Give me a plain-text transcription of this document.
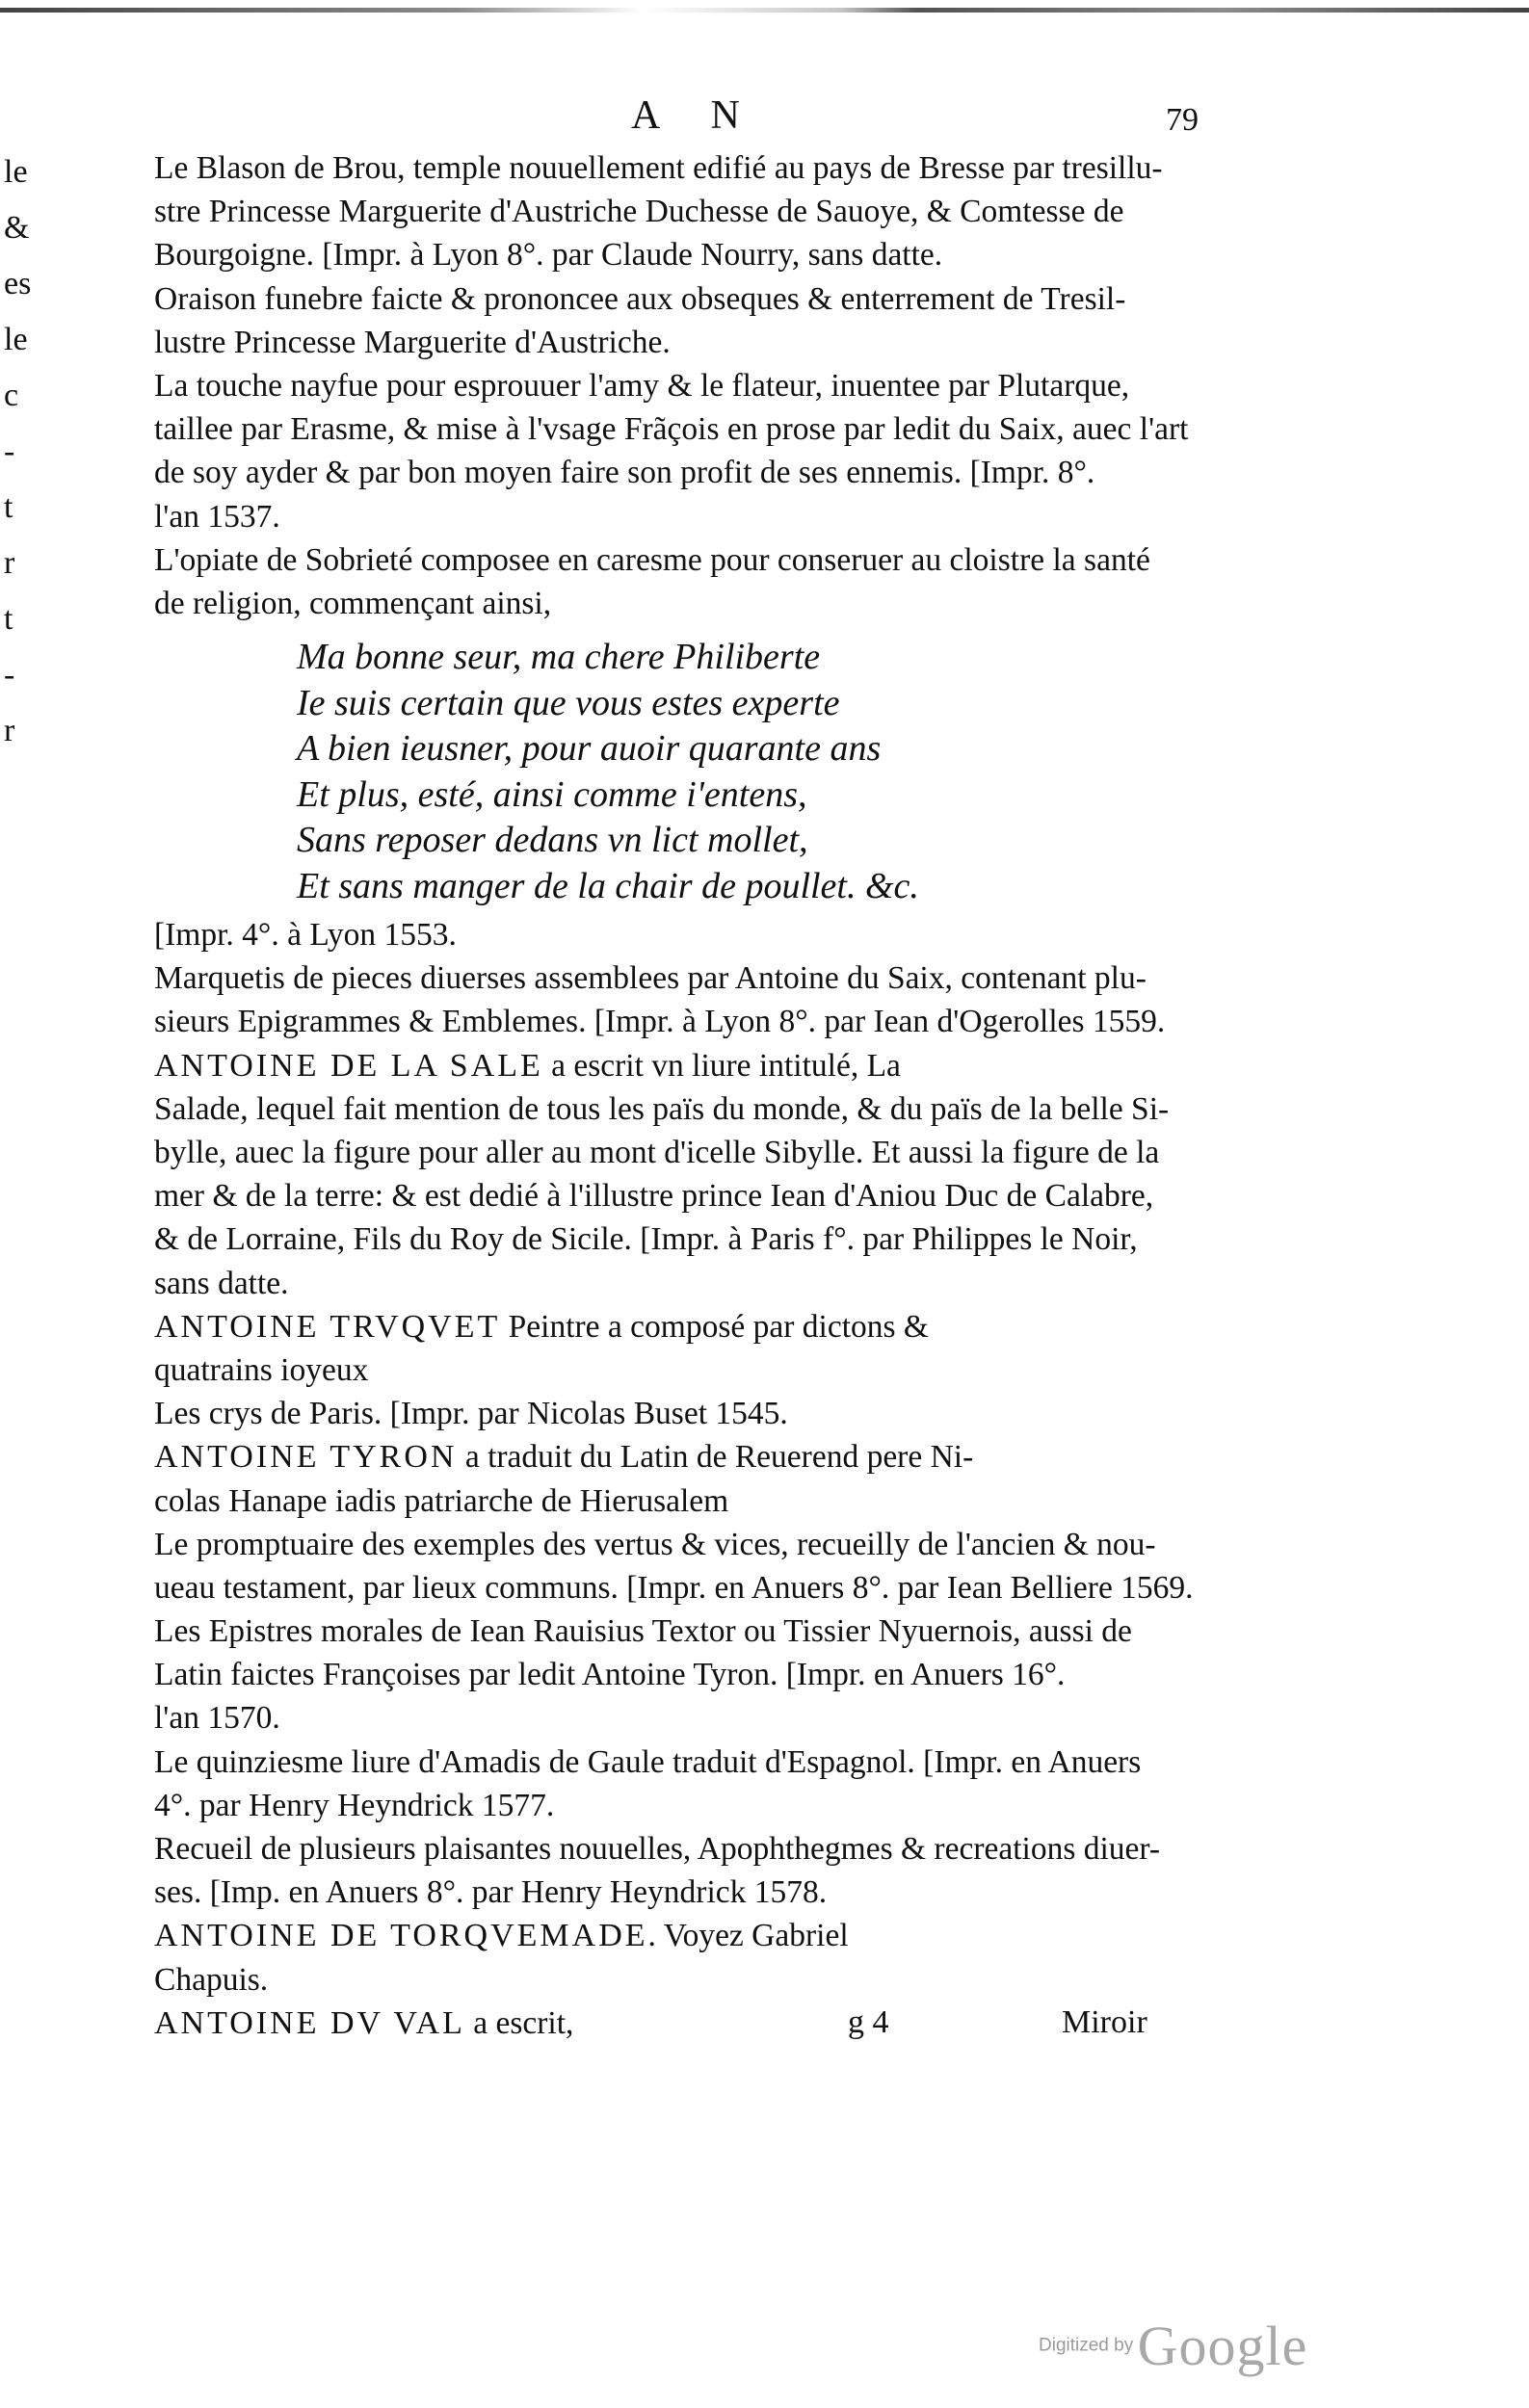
le
&
es
le
c
-
t
r
t
-
r
A N	79
Le Blason de Brou, temple nouuellement edifié au pays de Bresse par tresillu-
stre Princesse Marguerite d'Austriche Duchesse de Sauoye, & Comtesse de
Bourgoigne. [Impr. à Lyon 8°. par Claude Nourry, sans datte.
Oraison funebre faicte & prononcee aux obseques & enterrement de Tresil-
lustre Princesse Marguerite d'Austriche.
La touche nayfue pour esprouuer l'amy & le flateur, inuentee par Plutarque,
taillee par Erasme, & mise à l'vsage Frãçois en prose par ledit du Saix, auec l'art
de soy ayder & par bon moyen faire son profit de ses ennemis. [Impr. 8°.
l'an 1537.
L'opiate de Sobrieté composee en caresme pour conseruer au cloistre la santé
de religion, commençant ainsi,
Ma bonne seur, ma chere Philiberte
Ie suis certain que vous estes experte
A bien ieusner, pour auoir quarante ans
Et plus, esté, ainsi comme i'entens,
Sans reposer dedans vn lict mollet,
Et sans manger de la chair de poullet. &c.
[Impr. 4°. à Lyon 1553.
Marquetis de pieces diuerses assemblees par Antoine du Saix, contenant plu-
sieurs Epigrammes & Emblemes. [Impr. à Lyon 8°. par Iean d'Ogerolles 1559.
ANTOINE DE LA SALE a escrit vn liure intitulé, La
Salade, lequel fait mention de tous les païs du monde, & du païs de la belle Si-
bylle, auec la figure pour aller au mont d'icelle Sibylle. Et aussi la figure de la
mer & de la terre: & est dedié à l'illustre prince Iean d'Aniou Duc de Calabre,
& de Lorraine, Fils du Roy de Sicile. [Impr. à Paris f°. par Philippes le Noir,
sans datte.
ANTOINE TRVQVET Peintre a composé par dictons &
quatrains ioyeux
Les crys de Paris. [Impr. par Nicolas Buset 1545.
ANTOINE TYRON a traduit du Latin de Reuerend pere Ni-
colas Hanape iadis patriarche de Hierusalem
Le promptuaire des exemples des vertus & vices, recueilly de l'ancien & nou-
ueau testament, par lieux communs. [Impr. en Anuers 8°. par Iean Belliere 1569.
Les Epistres morales de Iean Rauisius Textor ou Tissier Nyuernois, aussi de
Latin faictes Françoises par ledit Antoine Tyron. [Impr. en Anuers 16°.
l'an 1570.
Le quinziesme liure d'Amadis de Gaule traduit d'Espagnol. [Impr. en Anuers
4°. par Henry Heyndrick 1577.
Recueil de plusieurs plaisantes nouuelles, Apophthegmes & recreations diuer-
ses. [Imp. en Anuers 8°. par Henry Heyndrick 1578.
ANTOINE DE TORQVEMADE. Voyez Gabriel
Chapuis.
ANTOINE DV VAL a escrit,	g 4	Miroir
Digitized by Google
